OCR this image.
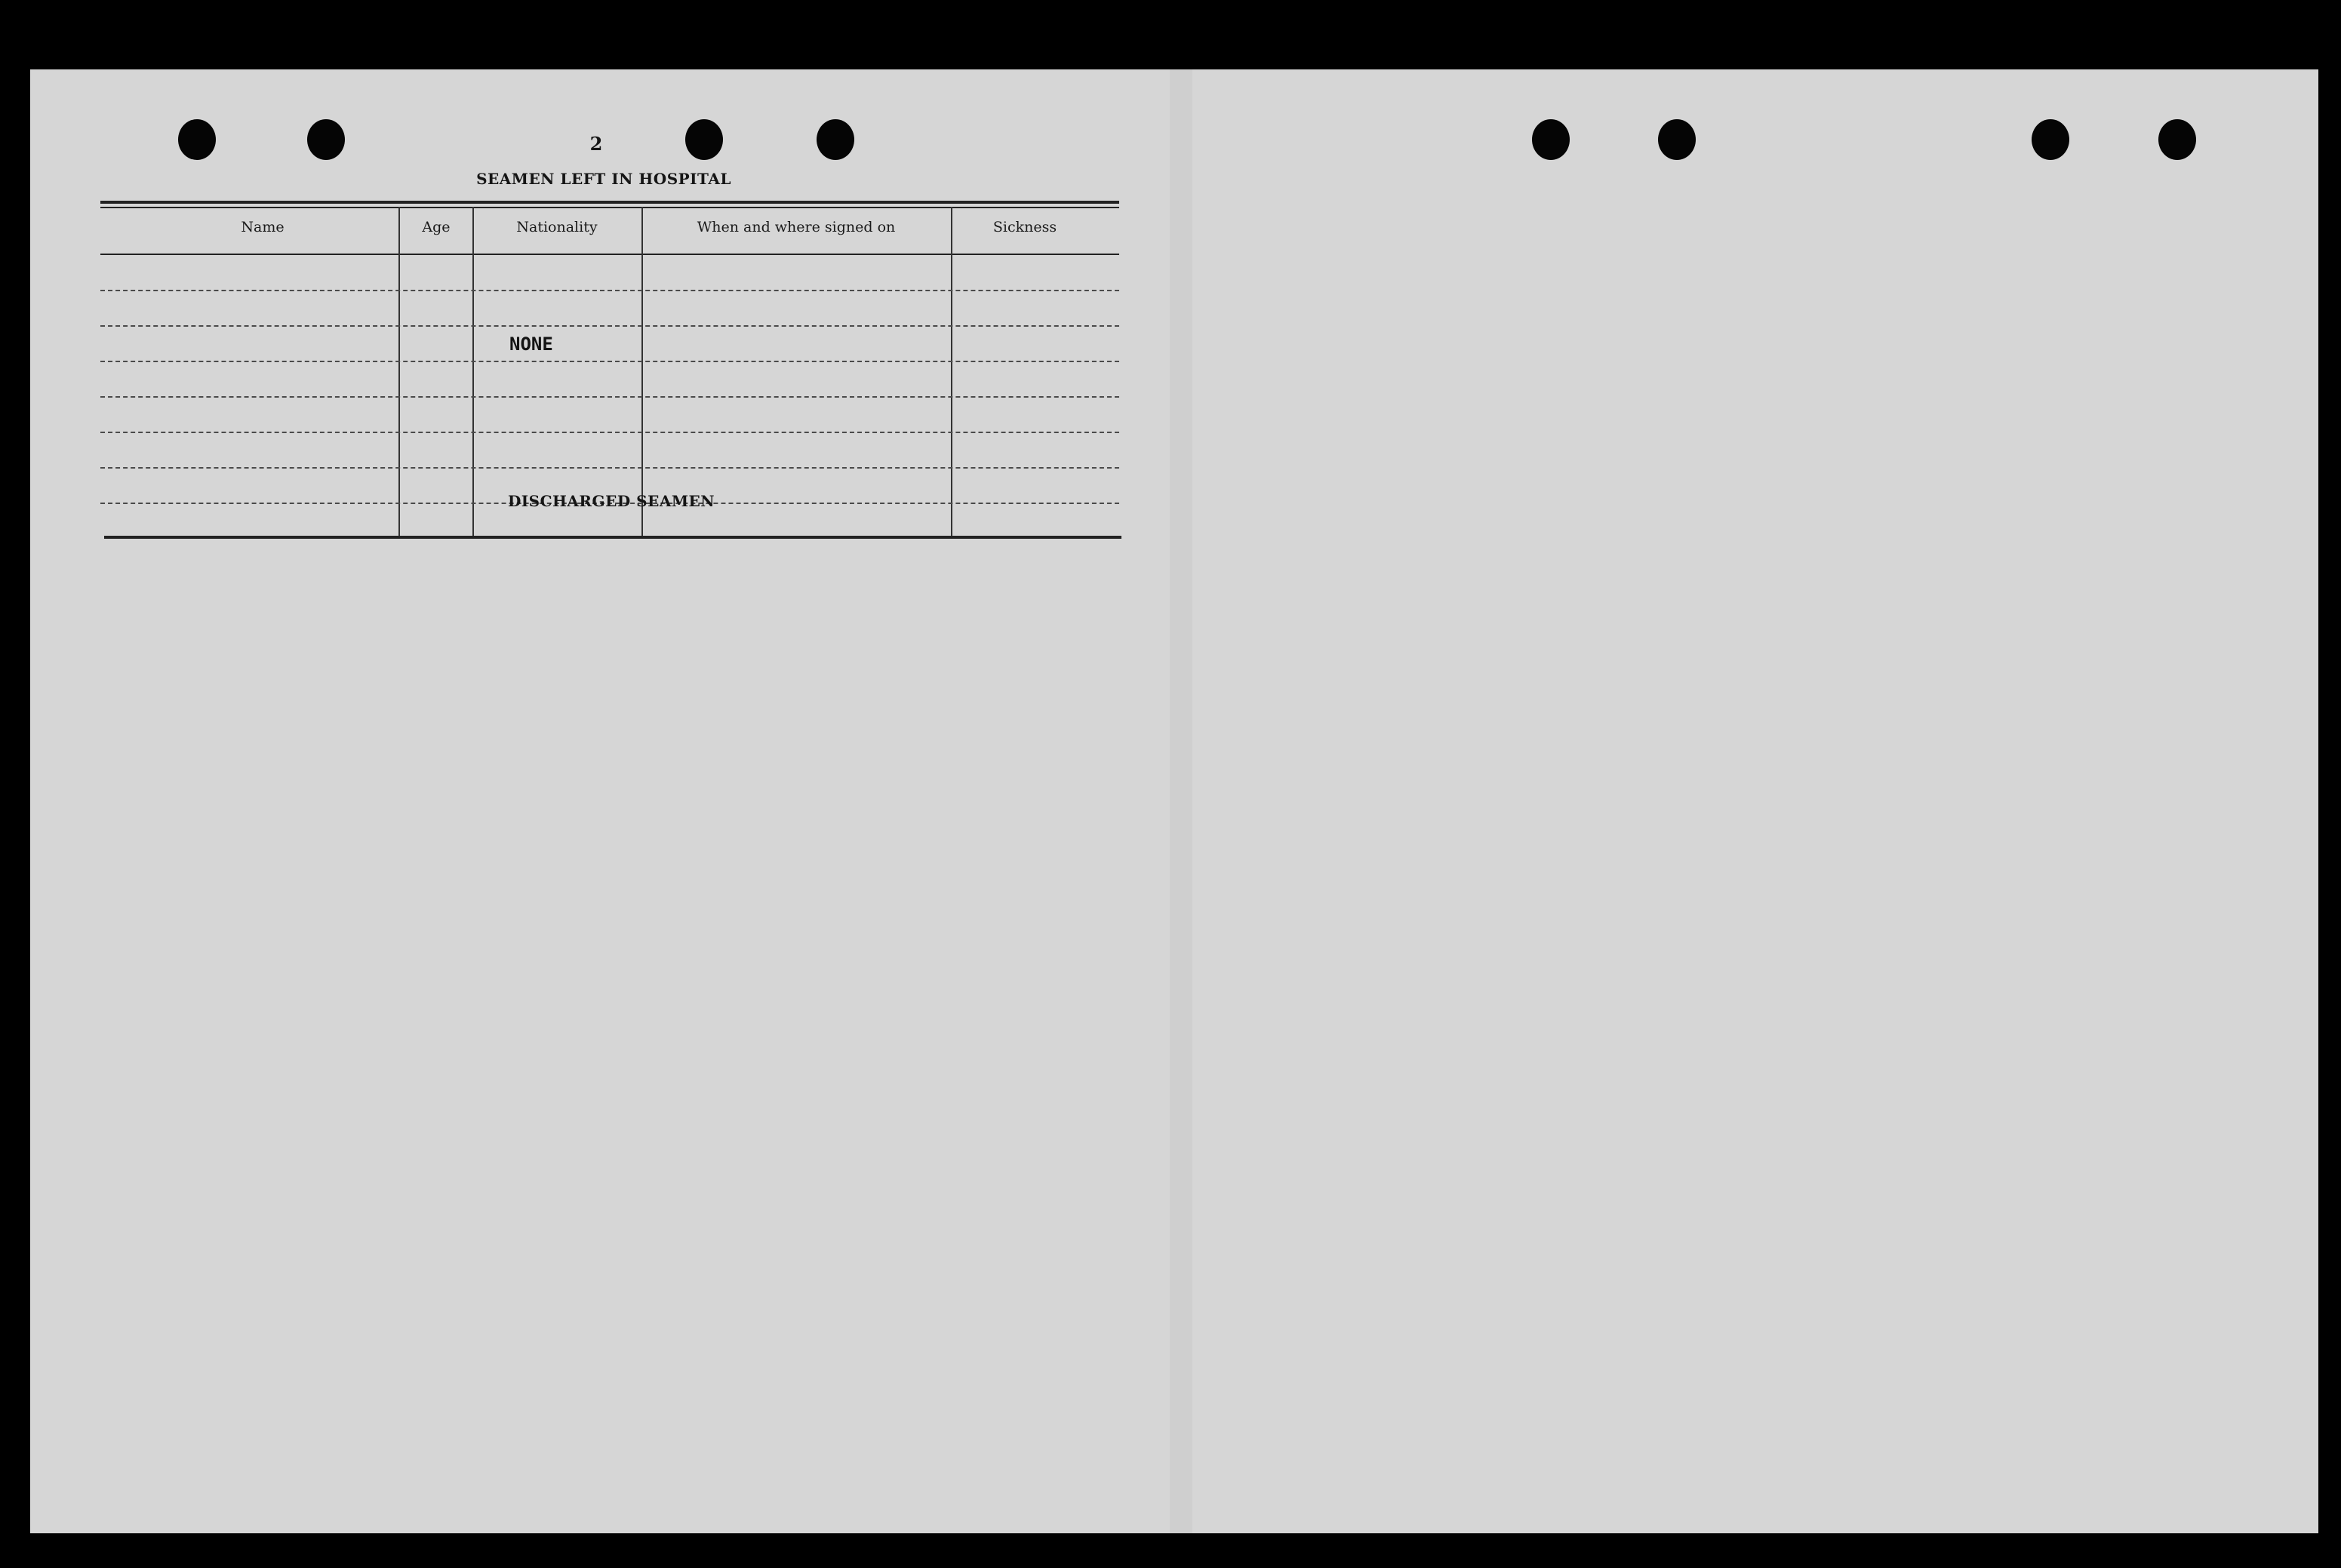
2
SEAMEN LEFT IN HOSPITAL
Name	Age	Nationality	When and where signed on	Sickness
NONE
DISCHARGED SEAMEN
